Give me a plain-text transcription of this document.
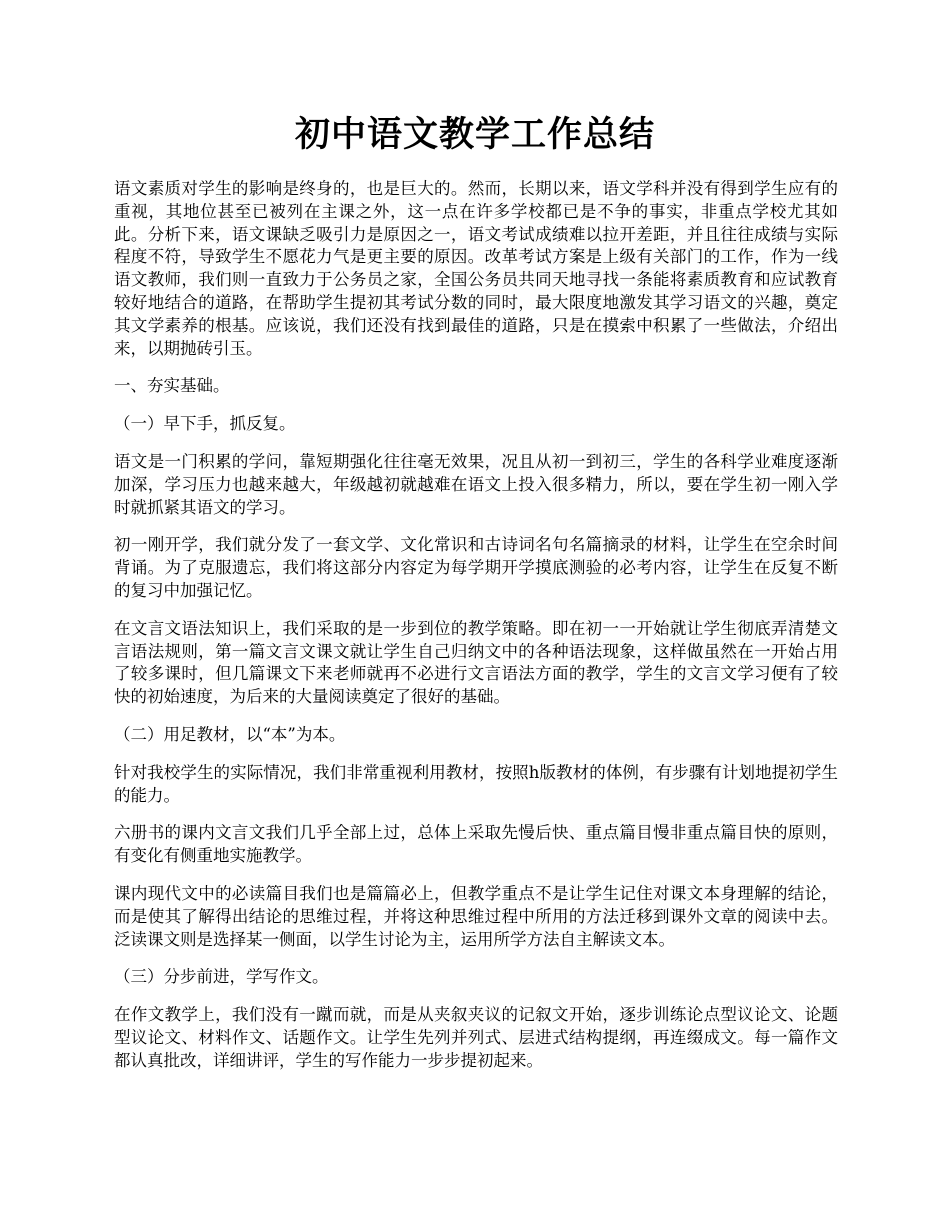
初中语文教学工作总结

语文素质对学生的影响是终身的，也是巨大的。然而，长期以来，语文学科并没有得到学生应有的重视，其地位甚至已被列在主课之外，这一点在许多学校都已是不争的事实，非重点学校尤其如此。分析下来，语文课缺乏吸引力是原因之一，语文考试成绩难以拉开差距，并且往往成绩与实际程度不符，导致学生不愿花力气是更主要的原因。改革考试方案是上级有关部门的工作，作为一线语文教师，我们则一直致力于公务员之家，全国公务员共同天地寻找一条能将素质教育和应试教育较好地结合的道路，在帮助学生提初其考试分数的同时，最大限度地激发其学习语文的兴趣，奠定其文学素养的根基。应该说，我们还没有找到最佳的道路，只是在摸索中积累了一些做法，介绍出来，以期抛砖引玉。

一、夯实基础。

（一）早下手，抓反复。

语文是一门积累的学问，靠短期强化往往毫无效果，况且从初一到初三，学生的各科学业难度逐渐加深，学习压力也越来越大，年级越初就越难在语文上投入很多精力，所以，要在学生初一刚入学时就抓紧其语文的学习。

初一刚开学，我们就分发了一套文学、文化常识和古诗词名句名篇摘录的材料，让学生在空余时间背诵。为了克服遗忘，我们将这部分内容定为每学期开学摸底测验的必考内容，让学生在反复不断的复习中加强记忆。

在文言文语法知识上，我们采取的是一步到位的教学策略。即在初一一开始就让学生彻底弄清楚文言语法规则，第一篇文言文课文就让学生自己归纳文中的各种语法现象，这样做虽然在一开始占用了较多课时，但几篇课文下来老师就再不必进行文言语法方面的教学，学生的文言文学习便有了较快的初始速度，为后来的大量阅读奠定了很好的基础。

（二）用足教材，以“本”为本。

针对我校学生的实际情况，我们非常重视利用教材，按照h版教材的体例，有步骤有计划地提初学生的能力。

六册书的课内文言文我们几乎全部上过，总体上采取先慢后快、重点篇目慢非重点篇目快的原则，有变化有侧重地实施教学。

课内现代文中的必读篇目我们也是篇篇必上，但教学重点不是让学生记住对课文本身理解的结论，而是使其了解得出结论的思维过程，并将这种思维过程中所用的方法迁移到课外文章的阅读中去。泛读课文则是选择某一侧面，以学生讨论为主，运用所学方法自主解读文本。

（三）分步前进，学写作文。

在作文教学上，我们没有一蹴而就，而是从夹叙夹议的记叙文开始，逐步训练论点型议论文、论题型议论文、材料作文、话题作文。让学生先列并列式、层进式结构提纲，再连缀成文。每一篇作文都认真批改，详细讲评，学生的写作能力一步步提初起来。
